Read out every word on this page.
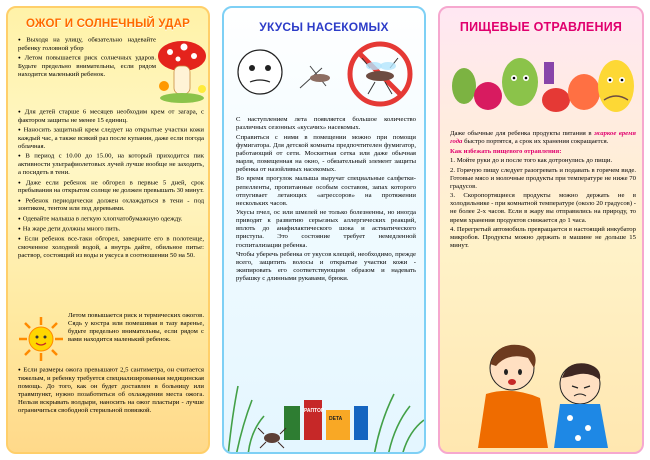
ОЖОГ И СОЛНЕЧНЫЙ УДАР

● Выходя на улицу, обязательно надевайте ребенку головной убор

● Летом повышается риск солнечных ударов. Будьте предельно внимательны, если рядом находится маленький ребенок.

● Для детей старше 6 месяцев необходим крем от загара, с фактором защиты не менее 15 единиц.

● Наносить защитный крем следует на открытые участки кожи каждый час, а также всякий раз после купания, даже если погода облачная.

● В период с 10.00 до 15.00, на который приходится пик активности ультрафиолетовых лучей лучше вообще не заходить, а посидеть в тени.

● Даже если ребенок не обгорел в первые 5 дней, срок пребывания на открытом солнце не должен превышать 30 минут.

● Ребенок периодически должен охлаждаться в тени - под зонтиком, тентом или под деревьями.

● Одевайте малыша в легкую хлопчатобумажную одежду.

● На жаре дети должны много пить.

● Если ребенок все-таки обгорел, заверните его в полотенце, смоченное холодной водой, а внутрь дайте, обильное питье: раствор, состоящий из воды и уксуса в соотношении 50 на 50.

Летом повышается риск и термических ожогов. Сядь у костра или помешивая в тазу варенье, будьте предельно внимательны, если рядом с вами находится маленький ребенок.

● Если размеры ожога превышают 2,5 сантиметра, он считается тяжелым, и ребенку требуется специализированная медицинская помощь. До того, как он будет доставлен в больницу или травмпункт, нужно позаботиться об охлаждении места ожога. Нельзя вскрывать волдыри, наносить на ожог пластыри - лучше ограничиться свободной стерильной повязкой.

УКУСЫ НАСЕКОМЫХ

С наступлением лета появляется большое количество различных сезонных «кусачих» насекомых.

Справиться с ними в помещении можно при помощи фумигатора. Для детской комнаты предпочтителен фумигатор, работающий от сети. Москитная сетка или даже обычная марля, помещенная на окно, - обязательный элемент защиты ребенка от назойливых насекомых.

Во время прогулок малыша выручат специальные салфетки-репелленты, пропитанные особым составом, запах которого отпугивает летающих «агрессоров» на протяжении нескольких часов.

Укусы пчел, ос или шмелей не только болезненны, но иногда приводят к развитию серьезных аллергических реакций, вплоть до анафилактического шока и астматического приступа. Это состояние требует немедленной госпитализации ребенка.

Чтобы уберечь ребенка от укусов клещей, необходимо, прежде всего, защитить волосы и открытые участки кожи - экипировать его соответствующим образом и надевать рубашку с длинными рукавами, брюки.

РАПТОР
DETA
ПИЩЕВЫЕ ОТРАВЛЕНИЯ

Даже обычные для ребенка продукты питания в жаркое время года быстро портятся, а срок их хранения сокращается.

Как избежать пищевого отравления:

1. Мойте руки до и после того как дотронулись до пищи.

2. Горячую пищу следует разогревать и подавать в горячем виде. Готовые мясо и молочные продукты при температуре не ниже 70 градусов.

3. Скоропортящиеся продукты можно держать не в холодильнике - при комнатной температуре (около 20 градусов) - не более 2-х часов. Если в жару вы отправились на природу, то время хранения продуктов снижается до 1 часа.

4. Перегретый автомобиль превращается в настоящий инкубатор микробов. Продукты можно держать в машине не дольше 15 минут.
